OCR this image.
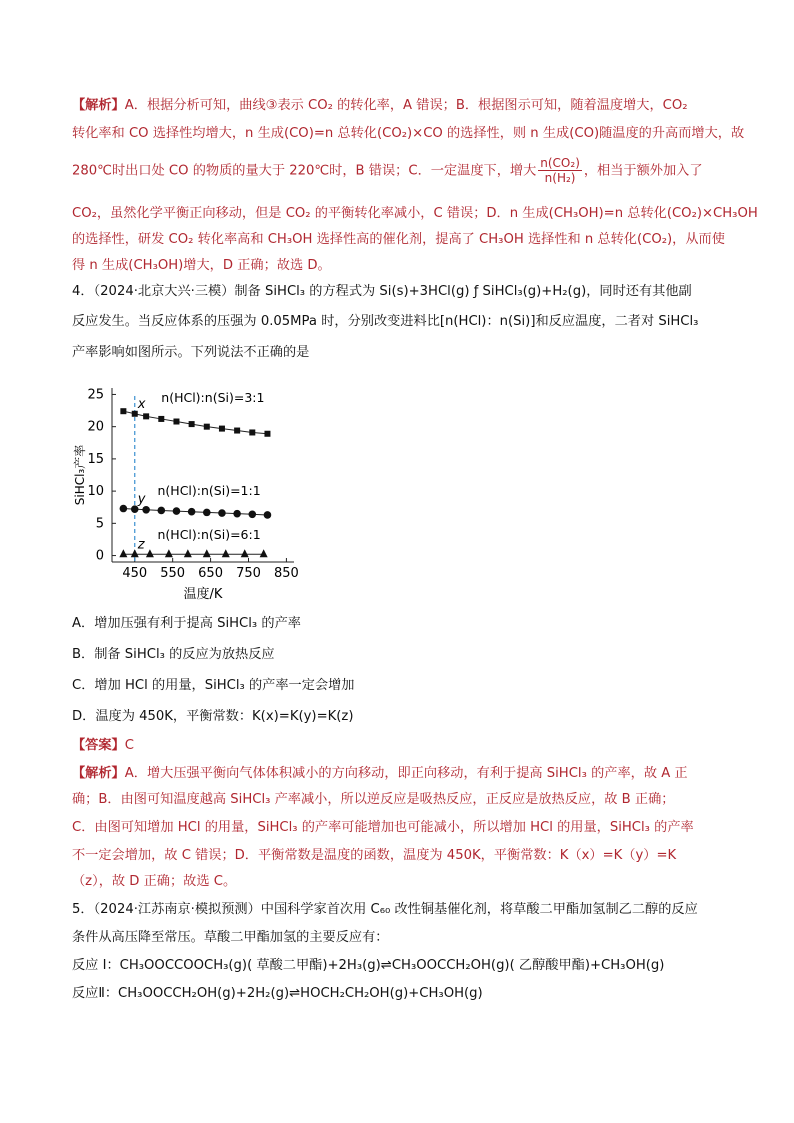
【解析】A．根据分析可知，曲线③表示 CO₂ 的转化率，A 错误；B．根据图示可知，随着温度增大，CO₂
转化率和 CO 选择性均增大，n 生成(CO)=n 总转化(CO₂)×CO 的选择性，则 n 生成(CO)随温度的升高而增大，故
280℃时出口处 CO 的物质的量大于 220℃时，B 错误；C．一定温度下，增大 $\frac{\text{n(CO₂)}}{\text{n(H₂)}}$ ，相当于额外加入了
CO₂，虽然化学平衡正向移动，但是 CO₂ 的平衡转化率减小，C 错误；D．n 生成(CH₃OH)=n 总转化(CO₂)×CH₃OH
的选择性，研发 CO₂ 转化率高和 CH₃OH 选择性高的催化剂，提高了 CH₃OH 选择性和 n 总转化(CO₂)，从而使
得 n 生成(CH₃OH)增大，D 正确；故选 D。
4．（2024·北京大兴·三模）制备 SiHCl₃ 的方程式为 Si(s)+3HCl(g) ƒ SiHCl₃(g)+H₂(g)，同时还有其他副
反应发生。当反应体系的压强为 0.05MPa 时，分别改变进料比[n(HCl)：n(Si)]和反应温度，二者对 SiHCl₃
产率影响如图所示。下列说法不正确的是
450 550 650 750 850
0
5
10
15
20
25
温度/K
SiHCl₃产率
x n(HCl):n(Si)=3:1
y
n(HCl):n(Si)=1:1
z
n(HCl):n(Si)=6:1
A．增加压强有利于提高 SiHCl₃ 的产率
B．制备 SiHCl₃ 的反应为放热反应
C．增加 HCl 的用量，SiHCl₃ 的产率一定会增加
D．温度为 450K，平衡常数：K(x)=K(y)=K(z)
【答案】C
【解析】A．增大压强平衡向气体体积减小的方向移动，即正向移动，有利于提高 SiHCl₃ 的产率，故 A 正
确；B．由图可知温度越高 SiHCl₃ 产率减小，所以逆反应是吸热反应，正反应是放热反应，故 B 正确；
C．由图可知增加 HCl 的用量，SiHCl₃ 的产率可能增加也可能减小，所以增加 HCl 的用量，SiHCl₃ 的产率
不一定会增加，故 C 错误；D．平衡常数是温度的函数，温度为 450K，平衡常数：K（x）=K（y）=K
（z），故 D 正确；故选 C。
5．（2024·江苏南京·模拟预测）中国科学家首次用 C₆₀ 改性铜基催化剂，将草酸二甲酯加氢制乙二醇的反应
条件从高压降至常压。草酸二甲酯加氢的主要反应有：
反应 I：CH₃OOCCOOCH₃(g)( 草酸二甲酯)+2H₃(g)⇌CH₃OOCCH₂OH(g)( 乙醇酸甲酯)+CH₃OH(g)
反应Ⅱ：CH₃OOCCH₂OH(g)+2H₂(g)⇌HOCH₂CH₂OH(g)+CH₃OH(g)
